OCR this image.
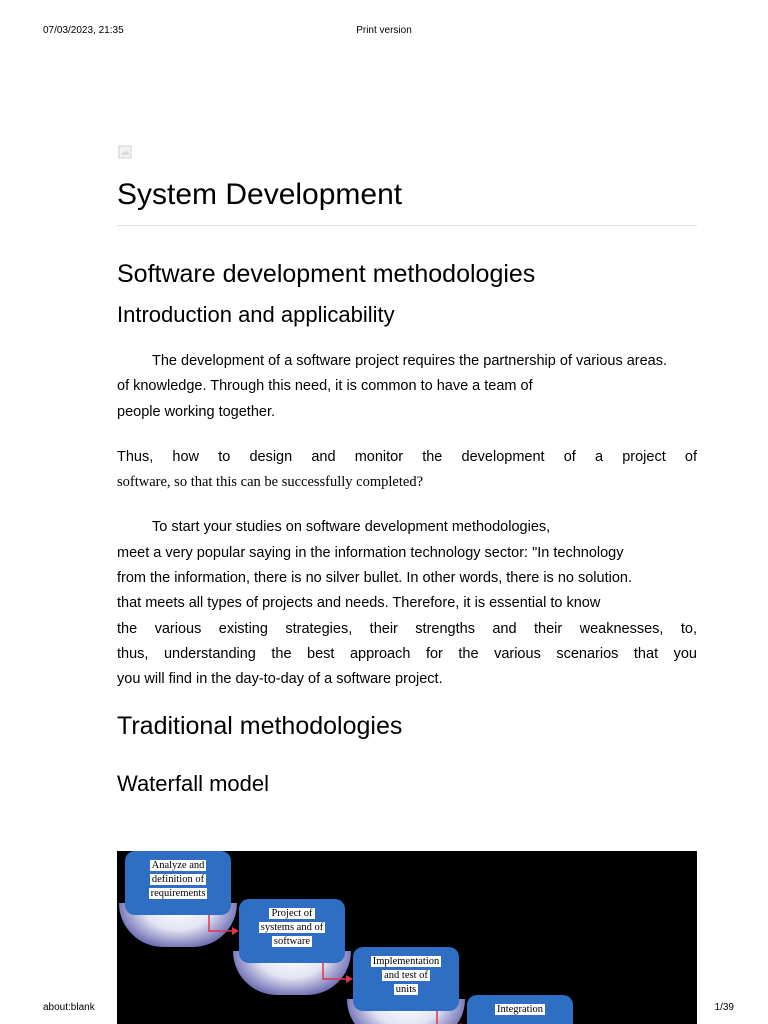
07/03/2023, 21:35	Print version
System Development
Software development methodologies
Introduction and applicability

The development of a software project requires the partnership of various areas.

of knowledge. Through this need, it is common to have a team of

people working together.

Thus, how to design and monitor the development of a project of

software, so that this can be successfully completed?

To start your studies on software development methodologies,

meet a very popular saying in the information technology sector: "In technology

from the information, there is no silver bullet. In other words, there is no solution.

that meets all types of projects and needs. Therefore, it is essential to know

the various existing strategies, their strengths and their weaknesses, to,

thus, understanding the best approach for the various scenarios that you

you will find in the day-to-day of a software project.

Traditional methodologies
Waterfall model
Analyze and
definition of
requirements
Project of
systems and of
software
Implementation
and test of
units
Integration
about:blank	1/39
